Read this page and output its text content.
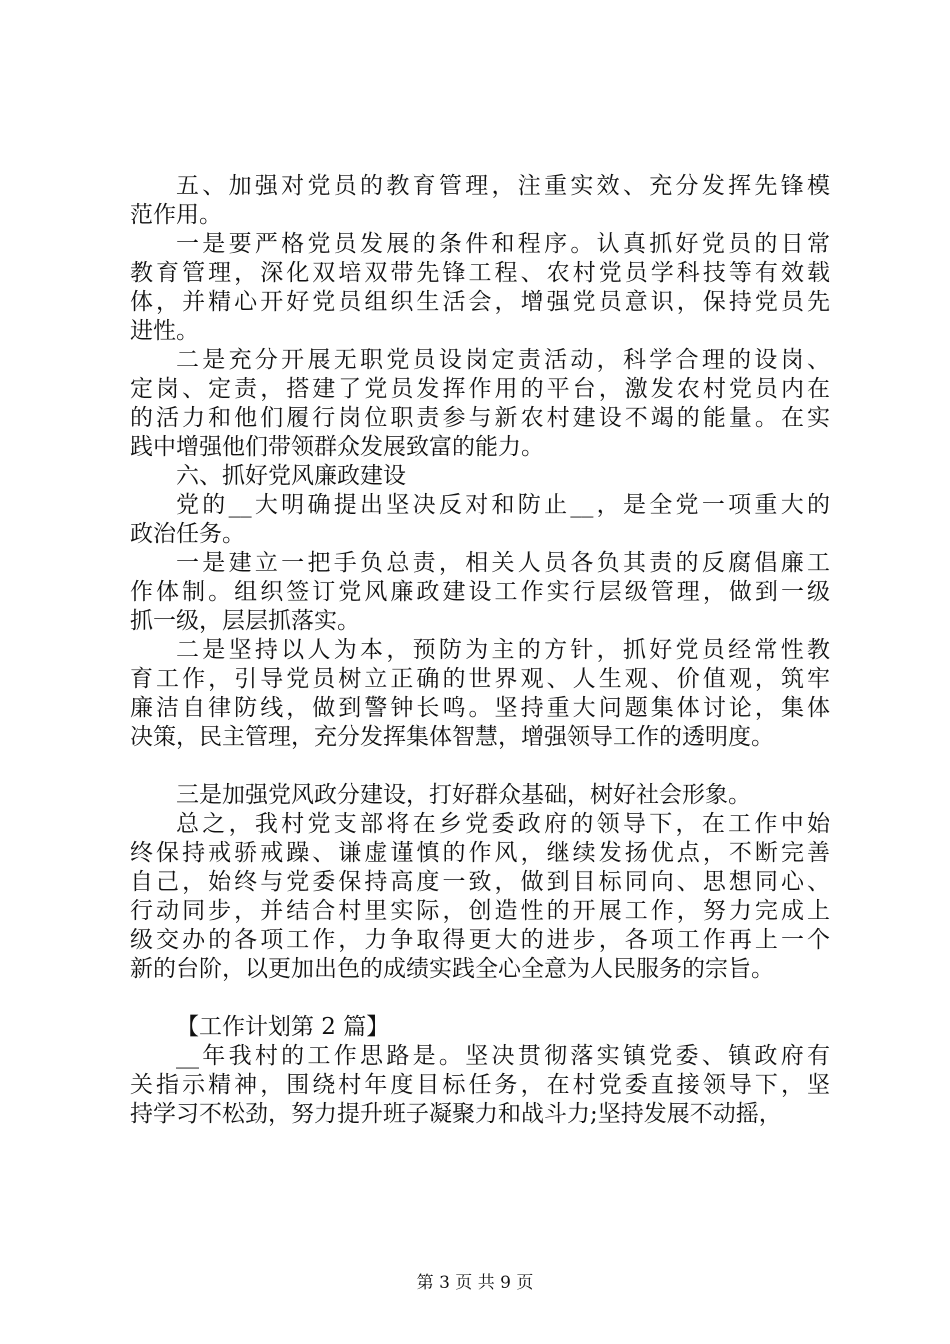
五、加强对党员的教育管理，注重实效、充分发挥先锋模
范作用。
一是要严格党员发展的条件和程序。认真抓好党员的日常
教育管理，深化双培双带先锋工程、农村党员学科技等有效载
体，并精心开好党员组织生活会，增强党员意识，保持党员先
进性。
二是充分开展无职党员设岗定责活动，科学合理的设岗、
定岗、定责，搭建了党员发挥作用的平台，激发农村党员内在
的活力和他们履行岗位职责参与新农村建设不竭的能量。在实
践中增强他们带领群众发展致富的能力。
六、抓好党风廉政建设
党的__大明确提出坚决反对和防止__，是全党一项重大的
政治任务。
一是建立一把手负总责，相关人员各负其责的反腐倡廉工
作体制。组织签订党风廉政建设工作实行层级管理，做到一级
抓一级，层层抓落实。
二是坚持以人为本，预防为主的方针，抓好党员经常性教
育工作，引导党员树立正确的世界观、人生观、价值观，筑牢
廉洁自律防线，做到警钟长鸣。坚持重大问题集体讨论，集体
决策，民主管理，充分发挥集体智慧，增强领导工作的透明度。
三是加强党风政分建设，打好群众基础，树好社会形象。
总之，我村党支部将在乡党委政府的领导下，在工作中始
终保持戒骄戒躁、谦虚谨慎的作风，继续发扬优点，不断完善
自己，始终与党委保持高度一致，做到目标同向、思想同心、
行动同步，并结合村里实际，创造性的开展工作，努力完成上
级交办的各项工作，力争取得更大的进步，各项工作再上一个
新的台阶，以更加出色的成绩实践全心全意为人民服务的宗旨。
【工作计划第 2 篇】
__年我村的工作思路是。坚决贯彻落实镇党委、镇政府有
关指示精神，围绕村年度目标任务，在村党委直接领导下，坚
持学习不松劲，努力提升班子凝聚力和战斗力;坚持发展不动摇，
第 3 页 共 9 页
